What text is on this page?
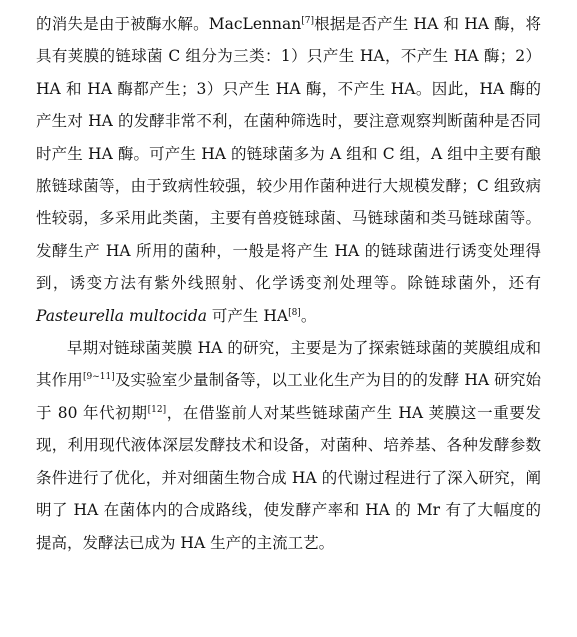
的消失是由于被酶水解。MacLennan[7]根据是否产生 HA 和 HA 酶，将具有荚膜的链球菌 C 组分为三类：1）只产生 HA，不产生 HA 酶；2）HA 和 HA 酶都产生；3）只产生 HA 酶，不产生 HA。因此，HA 酶的产生对 HA 的发酵非常不利，在菌种筛选时，要注意观察判断菌种是否同时产生 HA 酶。可产生 HA 的链球菌多为 A 组和 C 组，A 组中主要有酿脓链球菌等，由于致病性较强，较少用作菌种进行大规模发酵；C 组致病性较弱，多采用此类菌，主要有兽疫链球菌、马链球菌和类马链球菌等。发酵生产 HA 所用的菌种，一般是将产生 HA 的链球菌进行诱变处理得到，诱变方法有紫外线照射、化学诱变剂处理等。除链球菌外，还有 Pasteurella multocida 可产生 HA[8]。

早期对链球菌荚膜 HA 的研究，主要是为了探索链球菌的荚膜组成和其作用[9~11]及实验室少量制备等，以工业化生产为目的的发酵 HA 研究始于 80 年代初期[12]，在借鉴前人对某些链球菌产生 HA 荚膜这一重要发现，利用现代液体深层发酵技术和设备，对菌种、培养基、各种发酵参数条件进行了优化，并对细菌生物合成 HA 的代谢过程进行了深入研究，阐明了 HA 在菌体内的合成路线，使发酵产率和 HA 的 Mr 有了大幅度的提高，发酵法已成为 HA 生产的主流工艺。
